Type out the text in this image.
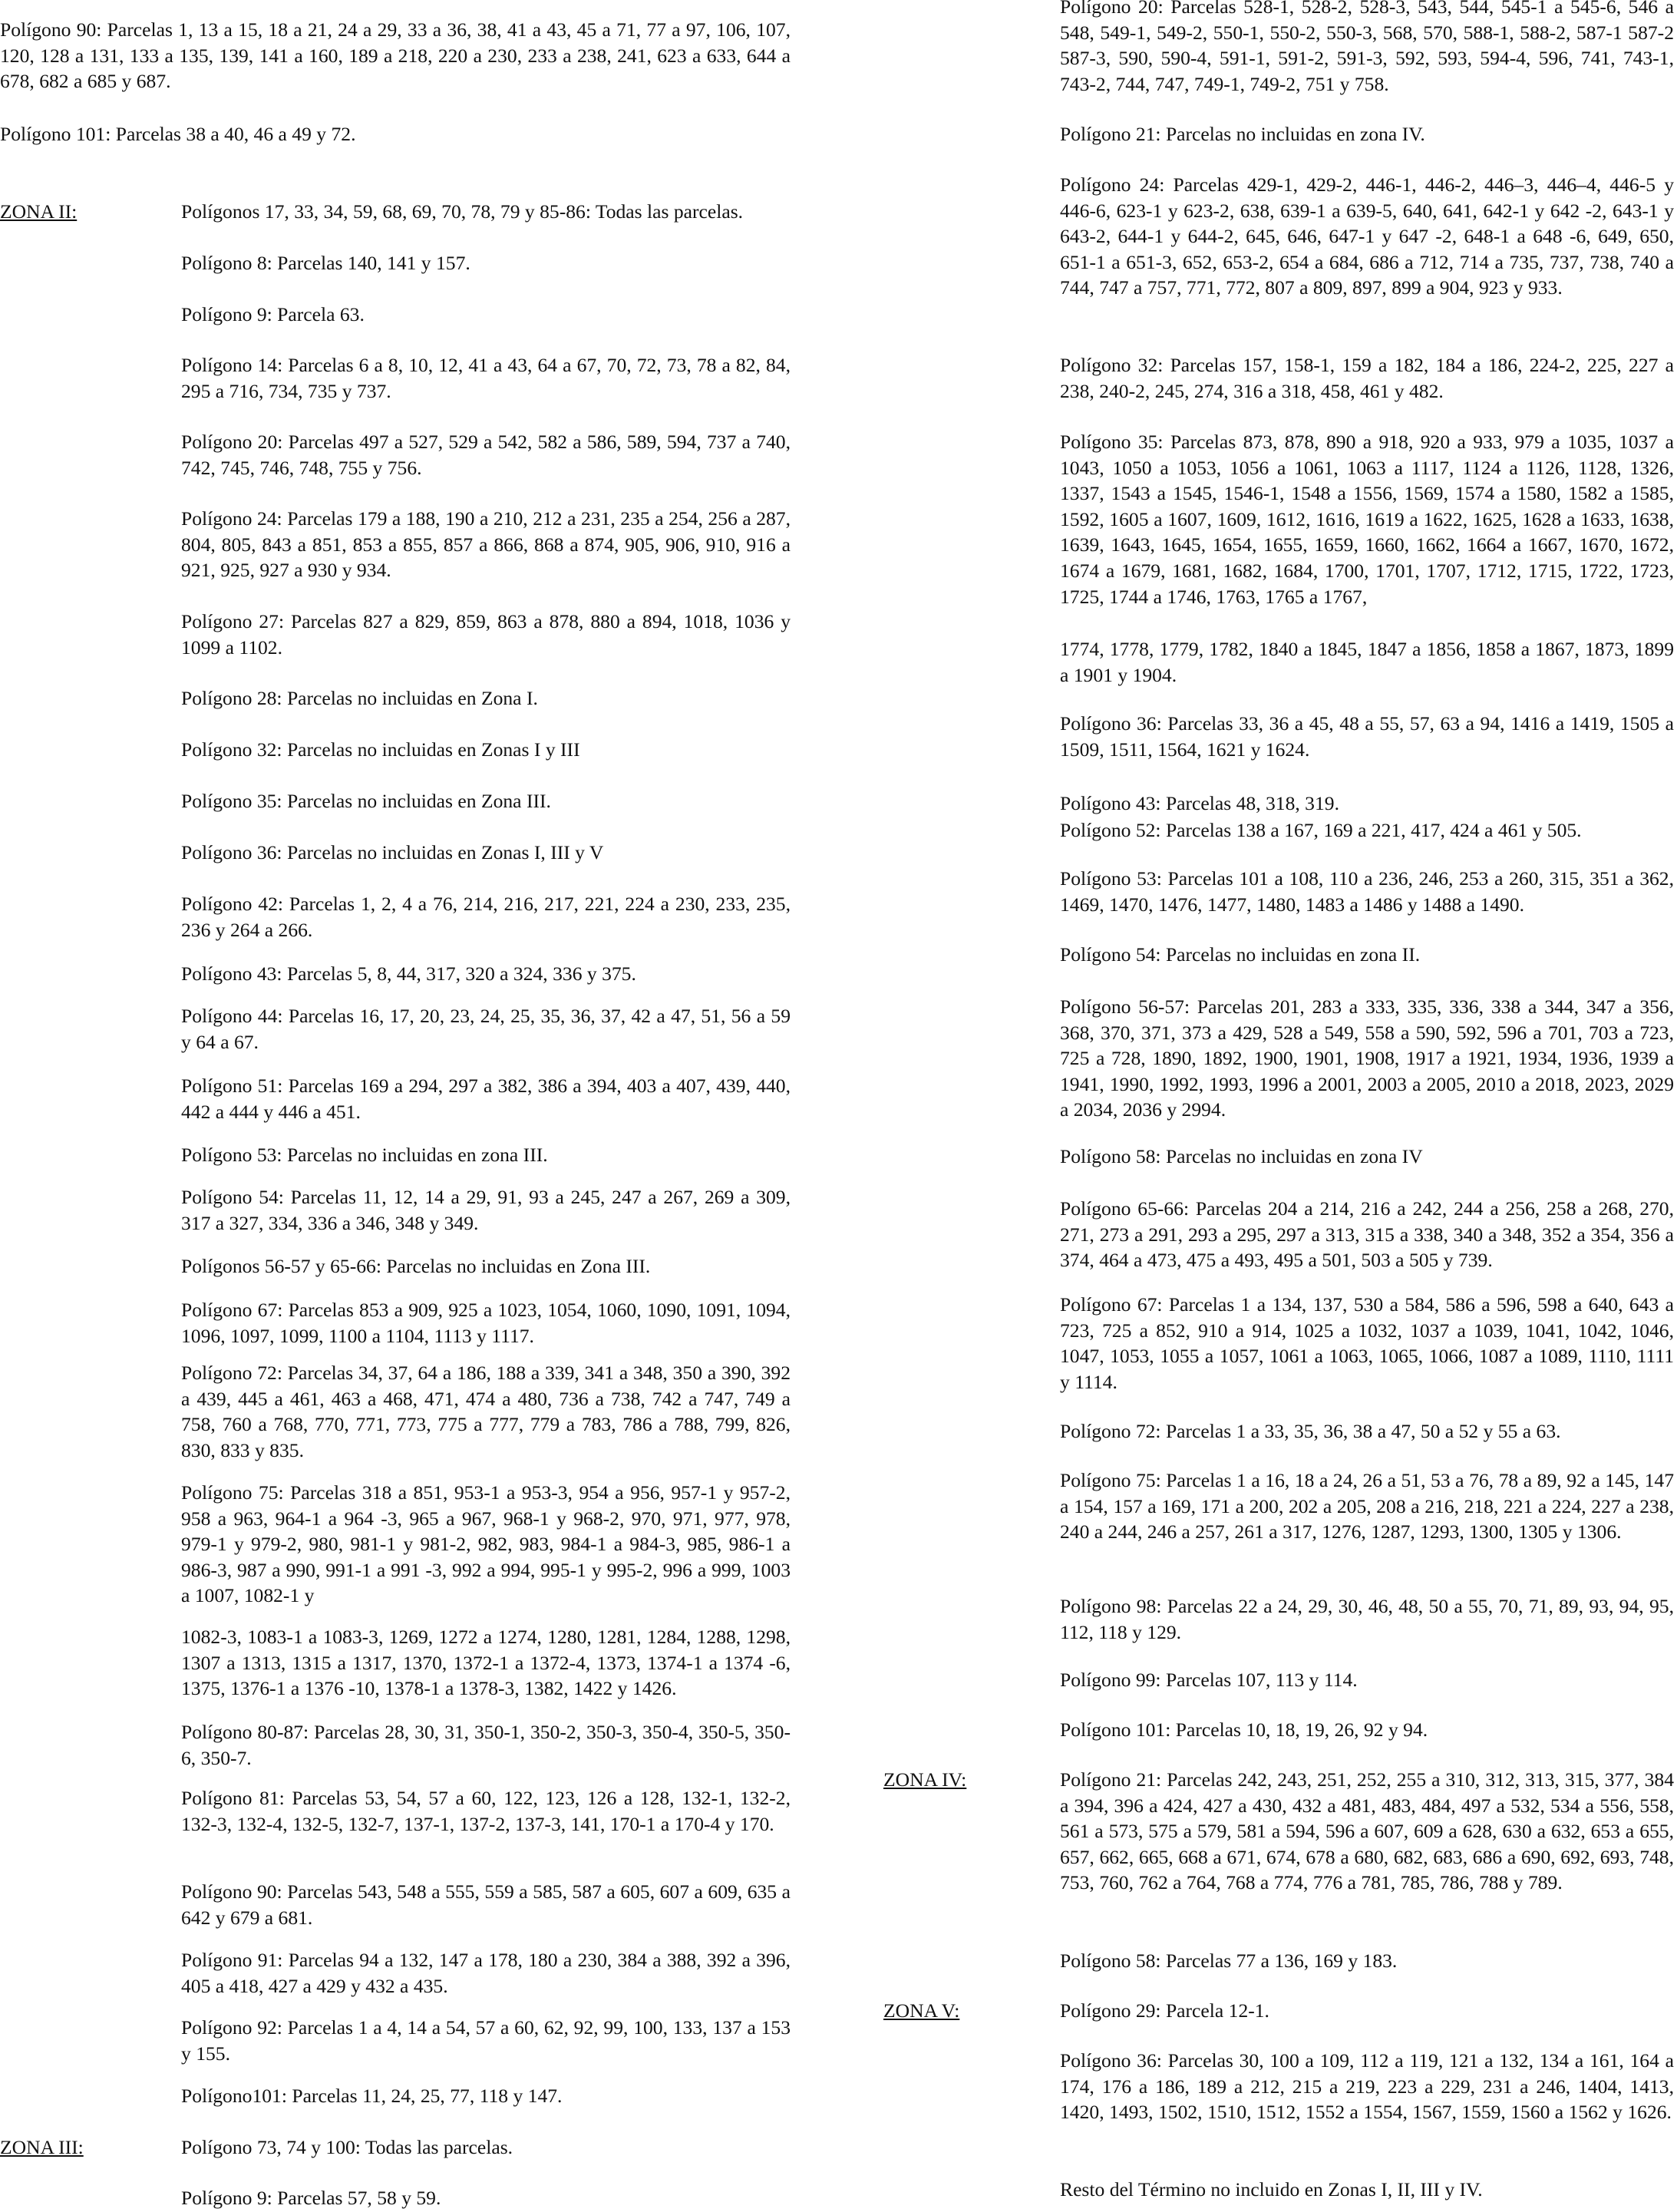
Polígono 90: Parcelas 1, 13 a 15, 18 a 21, 24 a 29, 33 a 36, 38, 41 a 43, 45 a 71, 77 a 97, 106, 107, 120, 128 a 131, 133 a 135, 139, 141 a 160, 189 a 218, 220 a 230, 233 a 238, 241, 623 a 633, 644 a 678, 682 a 685 y 687.

Polígono 101: Parcelas 38 a 40, 46 a 49 y 72.

ZONA II:	Polígonos 17, 33, 34, 59, 68, 69, 70, 78, 79 y 85-86: Todas las parcelas.

Polígono 8: Parcelas 140, 141 y 157.

Polígono 9: Parcela 63.

Polígono 14: Parcelas 6 a 8, 10, 12, 41 a 43, 64 a 67, 70, 72, 73, 78 a 82, 84, 295 a 716, 734, 735 y 737.

Polígono 20: Parcelas 497 a 527, 529 a 542, 582 a 586, 589, 594, 737 a 740, 742, 745, 746, 748, 755 y 756.

Polígono 24: Parcelas 179 a 188, 190 a 210, 212 a 231, 235 a 254, 256 a 287, 804, 805, 843 a 851, 853 a 855, 857 a 866, 868 a 874, 905, 906, 910, 916 a 921, 925, 927 a 930 y 934.

Polígono 27: Parcelas 827 a 829, 859, 863 a 878, 880 a 894, 1018, 1036 y 1099 a 1102.

Polígono 28: Parcelas no incluidas en Zona I.

Polígono 32: Parcelas no incluidas en Zonas I y III

Polígono 35: Parcelas no incluidas en Zona III.

Polígono 36: Parcelas no incluidas en Zonas I, III y V

Polígono 42: Parcelas 1, 2, 4 a 76, 214, 216, 217, 221, 224 a 230, 233, 235, 236 y 264 a 266.

Polígono 43: Parcelas 5, 8, 44, 317, 320 a 324, 336 y 375.

Polígono 44: Parcelas 16, 17, 20, 23, 24, 25, 35, 36, 37, 42 a 47, 51, 56 a 59 y 64 a 67.

Polígono 51: Parcelas 169 a 294, 297 a 382, 386 a 394, 403 a 407, 439, 440, 442 a 444 y 446 a 451.

Polígono 53: Parcelas no incluidas en zona III.

Polígono 54: Parcelas 11, 12, 14 a 29, 91, 93 a 245, 247 a 267, 269 a 309, 317 a 327, 334, 336 a 346, 348 y 349.

Polígonos 56-57 y 65-66: Parcelas no incluidas en Zona III.

Polígono 67: Parcelas 853 a 909, 925 a 1023, 1054, 1060, 1090, 1091, 1094, 1096, 1097, 1099, 1100 a 1104, 1113 y 1117.

Polígono 72: Parcelas 34, 37, 64 a 186, 188 a 339, 341 a 348, 350 a 390, 392 a 439, 445 a 461, 463 a 468, 471, 474 a 480, 736 a 738, 742 a 747, 749 a 758, 760 a 768, 770, 771, 773, 775 a 777, 779 a 783, 786 a 788, 799, 826, 830, 833 y 835.

Polígono 75: Parcelas 318 a 851, 953-1 a 953-3, 954 a 956, 957-1 y 957-2, 958 a 963, 964-1 a 964 -3, 965 a 967, 968-1 y 968-2, 970, 971, 977, 978, 979-1 y 979-2, 980, 981-1 y 981-2, 982, 983, 984-1 a 984-3, 985, 986-1 a 986-3, 987 a 990, 991-1 a 991 -3, 992 a 994, 995-1 y 995-2, 996 a 999, 1003 a 1007, 1082-1 y

1082-3, 1083-1 a 1083-3, 1269, 1272 a 1274, 1280, 1281, 1284, 1288, 1298, 1307 a 1313, 1315 a 1317, 1370, 1372-1 a 1372-4, 1373, 1374-1 a 1374 -6, 1375, 1376-1 a 1376 -10, 1378-1 a 1378-3, 1382, 1422 y 1426.

Polígono 80-87: Parcelas 28, 30, 31, 350-1, 350-2, 350-3, 350-4, 350-5, 350-6, 350-7.

Polígono 81: Parcelas 53, 54, 57 a 60, 122, 123, 126 a 128, 132-1, 132-2, 132-3, 132-4, 132-5, 132-7, 137-1, 137-2, 137-3, 141, 170-1 a 170-4 y 170.

Polígono 90: Parcelas 543, 548 a 555, 559 a 585, 587 a 605, 607 a 609, 635 a 642 y 679 a 681.

Polígono 91: Parcelas 94 a 132, 147 a 178, 180 a 230, 384 a 388, 392 a 396, 405 a 418, 427 a 429 y 432 a 435.

Polígono 92: Parcelas 1 a 4, 14 a 54, 57 a 60, 62, 92, 99, 100, 133, 137 a 153 y 155.

Polígono101: Parcelas 11, 24, 25, 77, 118 y 147.

ZONA III:	Polígono 73, 74 y 100: Todas las parcelas.

Polígono 9: Parcelas 57, 58 y 59.

Polígono 20: Parcelas 528-1, 528-2, 528-3, 543, 544, 545-1 a 545-6, 546 a 548, 549-1, 549-2, 550-1, 550-2, 550-3, 568, 570, 588-1, 588-2, 587-1 587-2 587-3, 590, 590-4, 591-1, 591-2, 591-3, 592, 593, 594-4, 596, 741, 743-1, 743-2, 744, 747, 749-1, 749-2, 751 y 758.

Polígono 21: Parcelas no incluidas en zona IV.

Polígono 24: Parcelas 429-1, 429-2, 446-1, 446-2, 446–3, 446–4, 446-5 y 446-6, 623-1 y 623-2, 638, 639-1 a 639-5, 640, 641, 642-1 y 642 -2, 643-1 y 643-2, 644-1 y 644-2, 645, 646, 647-1 y 647 -2, 648-1 a 648 -6, 649, 650, 651-1 a 651-3, 652, 653-2, 654 a 684, 686 a 712, 714 a 735, 737, 738, 740 a 744, 747 a 757, 771, 772, 807 a 809, 897, 899 a 904, 923 y 933.

Polígono 32: Parcelas 157, 158-1, 159 a 182, 184 a 186, 224-2, 225, 227 a 238, 240-2, 245, 274, 316 a 318, 458, 461 y 482.

Polígono 35: Parcelas 873, 878, 890 a 918, 920 a 933, 979 a 1035, 1037 a 1043, 1050 a 1053, 1056 a 1061, 1063 a 1117, 1124 a 1126, 1128, 1326, 1337, 1543 a 1545, 1546-1, 1548 a 1556, 1569, 1574 a 1580, 1582 a 1585, 1592, 1605 a 1607, 1609, 1612, 1616, 1619 a 1622, 1625, 1628 a 1633, 1638, 1639, 1643, 1645, 1654, 1655, 1659, 1660, 1662, 1664 a 1667, 1670, 1672, 1674 a 1679, 1681, 1682, 1684, 1700, 1701, 1707, 1712, 1715, 1722, 1723, 1725, 1744 a 1746, 1763, 1765 a 1767,

1774, 1778, 1779, 1782, 1840 a 1845, 1847 a 1856, 1858 a 1867, 1873, 1899 a 1901 y 1904.

Polígono 36: Parcelas 33, 36 a 45, 48 a 55, 57, 63 a 94, 1416 a 1419, 1505 a 1509, 1511, 1564, 1621 y 1624.

Polígono 43: Parcelas 48, 318, 319.

Polígono 52: Parcelas 138 a 167, 169 a 221, 417, 424 a 461 y 505.

Polígono 53: Parcelas 101 a 108, 110 a 236, 246, 253 a 260, 315, 351 a 362, 1469, 1470, 1476, 1477, 1480, 1483 a 1486 y 1488 a 1490.

Polígono 54: Parcelas no incluidas en zona II.

Polígono 56-57: Parcelas 201, 283 a 333, 335, 336, 338 a 344, 347 a 356, 368, 370, 371, 373 a 429, 528 a 549, 558 a 590, 592, 596 a 701, 703 a 723, 725 a 728, 1890, 1892, 1900, 1901, 1908, 1917 a 1921, 1934, 1936, 1939 a 1941, 1990, 1992, 1993, 1996 a 2001, 2003 a 2005, 2010 a 2018, 2023, 2029 a 2034, 2036 y 2994.

Polígono 58: Parcelas no incluidas en zona IV

Polígono 65-66: Parcelas 204 a 214, 216 a 242, 244 a 256, 258 a 268, 270, 271, 273 a 291, 293 a 295, 297 a 313, 315 a 338, 340 a 348, 352 a 354, 356 a 374, 464 a 473, 475 a 493, 495 a 501, 503 a 505 y 739.

Polígono 67: Parcelas 1 a 134, 137, 530 a 584, 586 a 596, 598 a 640, 643 a 723, 725 a 852, 910 a 914, 1025 a 1032, 1037 a 1039, 1041, 1042, 1046, 1047, 1053, 1055 a 1057, 1061 a 1063, 1065, 1066, 1087 a 1089, 1110, 1111 y 1114.

Polígono 72: Parcelas 1 a 33, 35, 36, 38 a 47, 50 a 52 y 55 a 63.

Polígono 75: Parcelas 1 a 16, 18 a 24, 26 a 51, 53 a 76, 78 a 89, 92 a 145, 147 a 154, 157 a 169, 171 a 200, 202 a 205, 208 a 216, 218, 221 a 224, 227 a 238, 240 a 244, 246 a 257, 261 a 317, 1276, 1287, 1293, 1300, 1305 y 1306.

Polígono 98: Parcelas 22 a 24, 29, 30, 46, 48, 50 a 55, 70, 71, 89, 93, 94, 95, 112, 118 y 129.

Polígono 99: Parcelas 107, 113 y 114.

Polígono 101: Parcelas 10, 18, 19, 26, 92 y 94.

ZONA IV:	Polígono 21: Parcelas 242, 243, 251, 252, 255 a 310, 312, 313, 315, 377, 384 a 394, 396 a 424, 427 a 430, 432 a 481, 483, 484, 497 a 532, 534 a 556, 558, 561 a 573, 575 a 579, 581 a 594, 596 a 607, 609 a 628, 630 a 632, 653 a 655, 657, 662, 665, 668 a 671, 674, 678 a 680, 682, 683, 686 a 690, 692, 693, 748, 753, 760, 762 a 764, 768 a 774, 776 a 781, 785, 786, 788 y 789.

Polígono 58: Parcelas 77 a 136, 169 y 183.

ZONA V:	Polígono 29: Parcela 12-1.

Polígono 36: Parcelas 30, 100 a 109, 112 a 119, 121 a 132, 134 a 161, 164 a 174, 176 a 186, 189 a 212, 215 a 219, 223 a 229, 231 a 246, 1404, 1413, 1420, 1493, 1502, 1510, 1512, 1552 a 1554, 1567, 1559, 1560 a 1562 y 1626.

Resto del Término no incluido en Zonas I, II, III y IV.
